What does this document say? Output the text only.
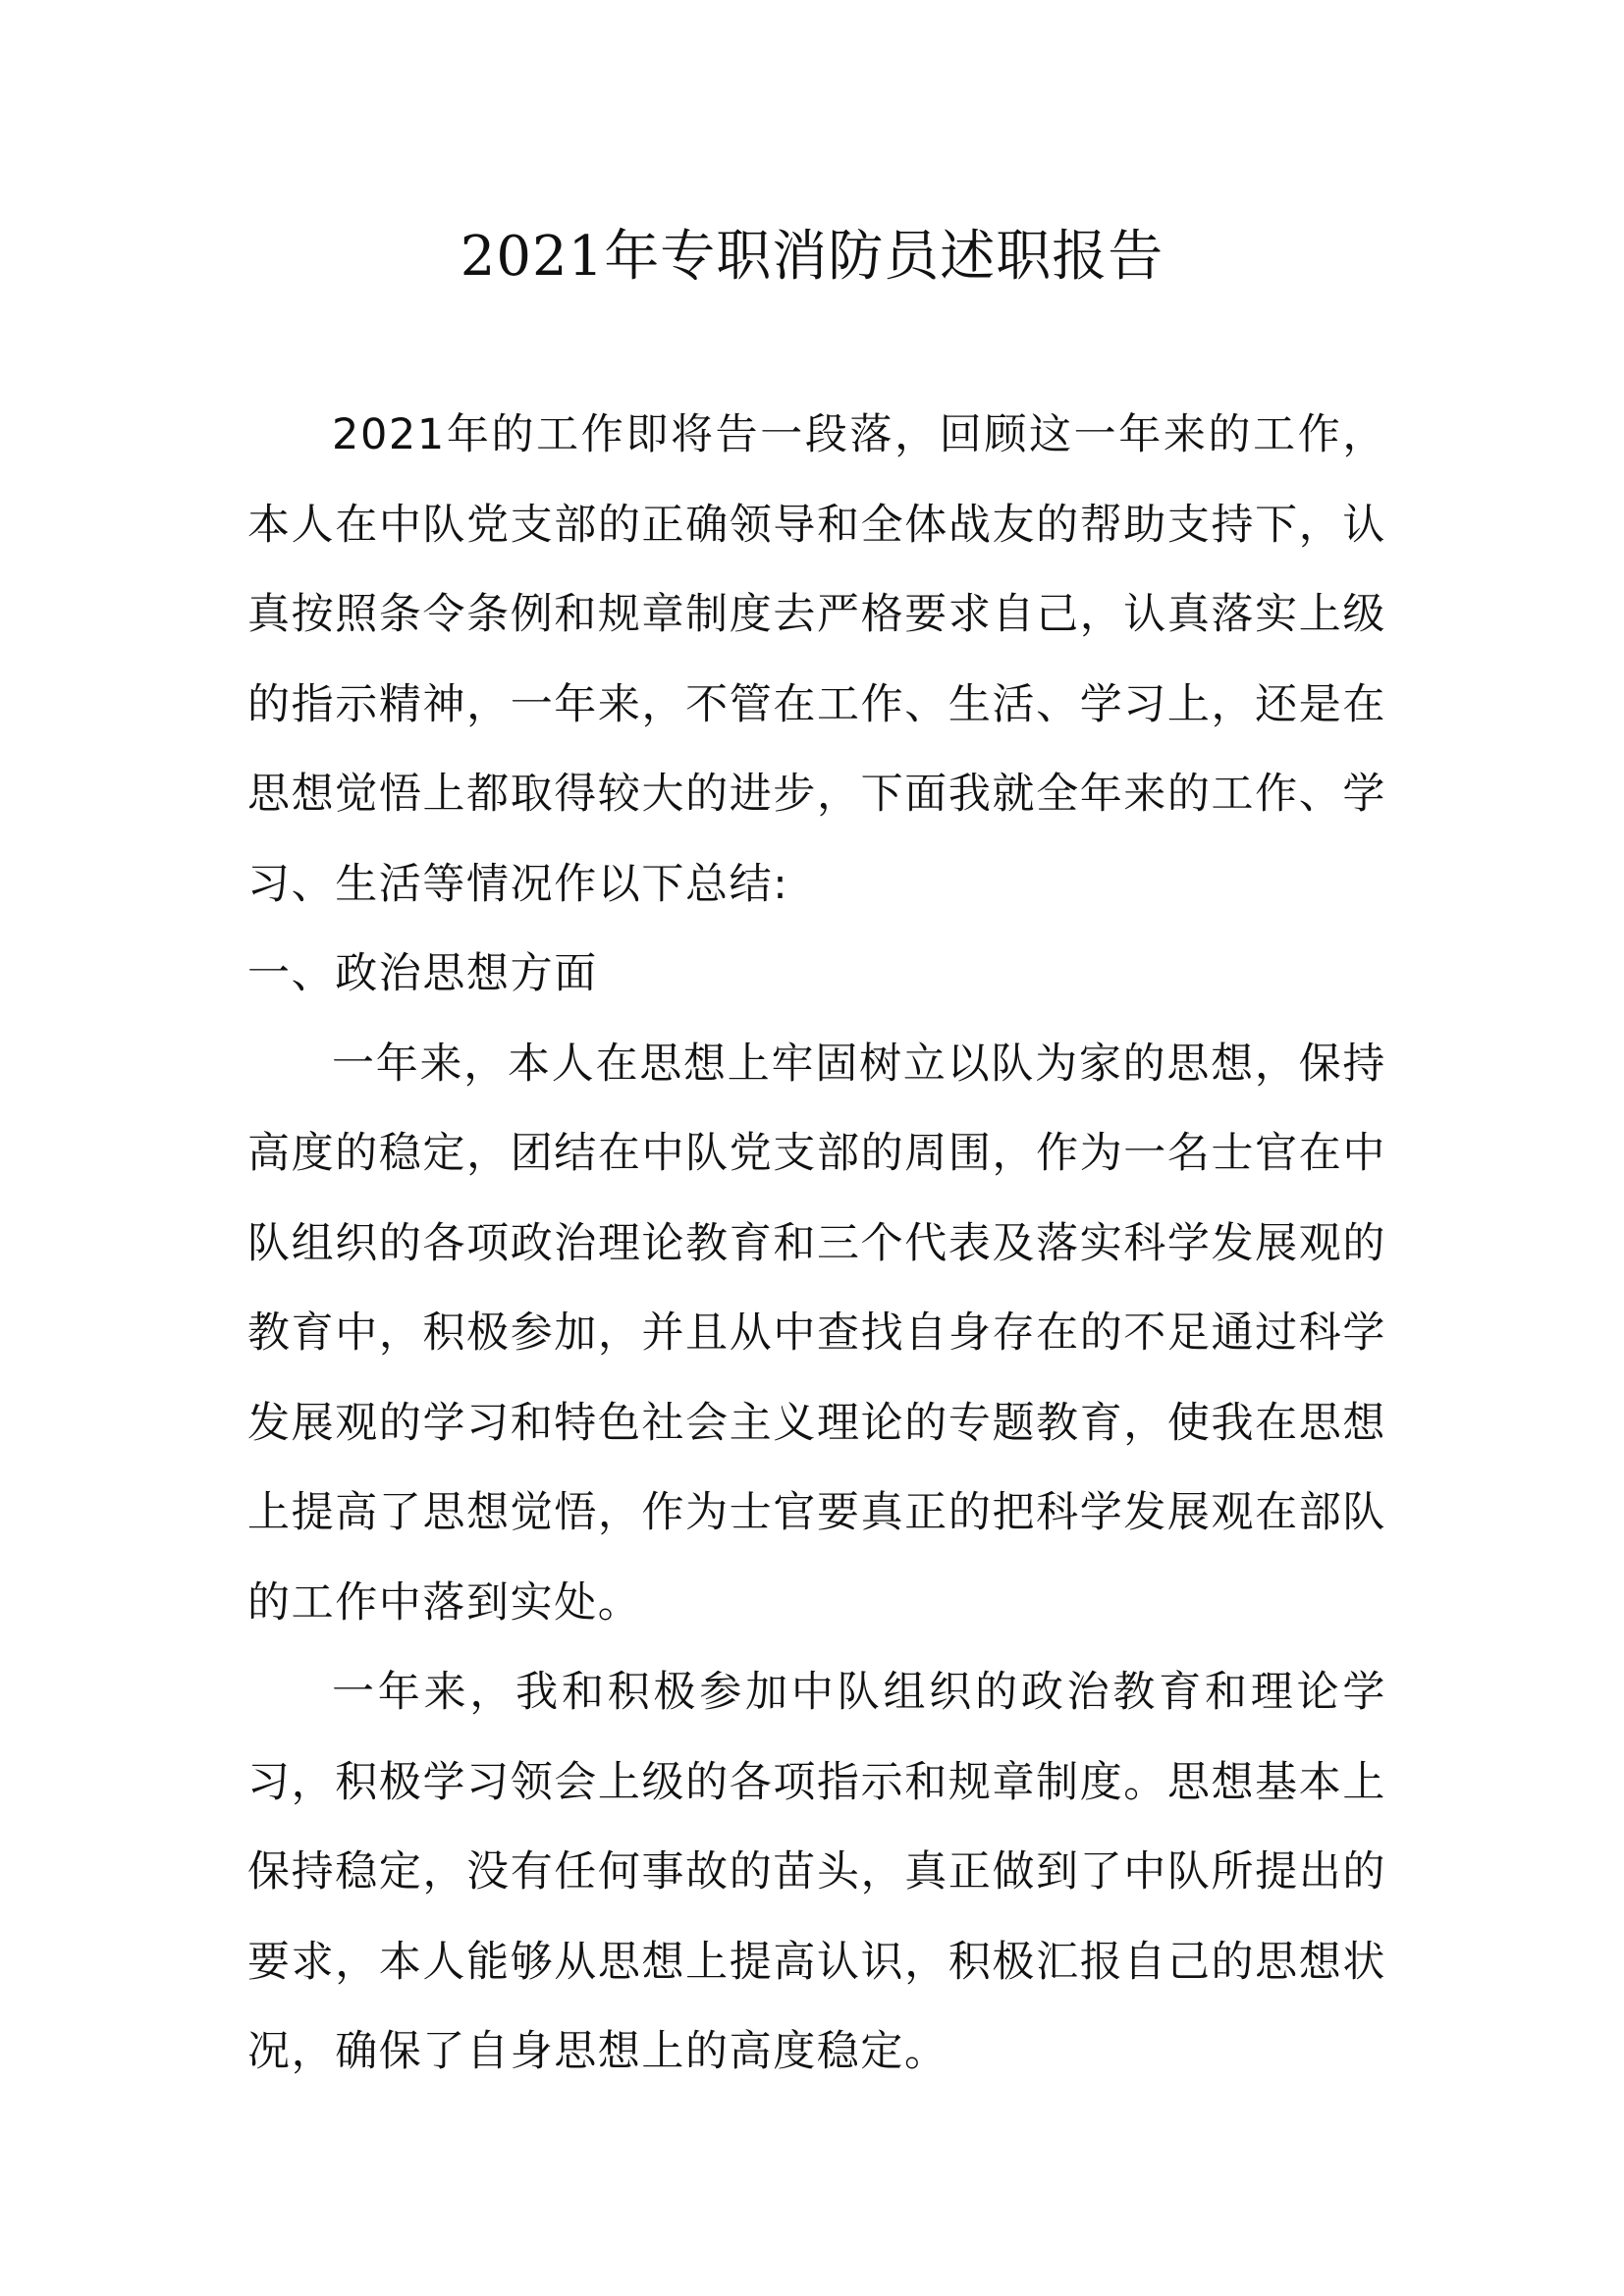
2021年专职消防员述职报告

2021年的工作即将告一段落，回顾这一年来的工作，本人在中队党支部的正确领导和全体战友的帮助支持下，认真按照条令条例和规章制度去严格要求自己，认真落实上级的指示精神，一年来，不管在工作、生活、学习上，还是在思想觉悟上都取得较大的进步，下面我就全年来的工作、学习、生活等情况作以下总结:

一、政治思想方面

一年来，本人在思想上牢固树立以队为家的思想，保持高度的稳定，团结在中队党支部的周围，作为一名士官在中队组织的各项政治理论教育和三个代表及落实科学发展观的教育中，积极参加，并且从中查找自身存在的不足通过科学发展观的学习和特色社会主义理论的专题教育，使我在思想上提高了思想觉悟，作为士官要真正的把科学发展观在部队的工作中落到实处。

一年来，我和积极参加中队组织的政治教育和理论学习，积极学习领会上级的各项指示和规章制度。思想基本上保持稳定，没有任何事故的苗头，真正做到了中队所提出的要求，本人能够从思想上提高认识，积极汇报自己的思想状况，确保了自身思想上的高度稳定。
